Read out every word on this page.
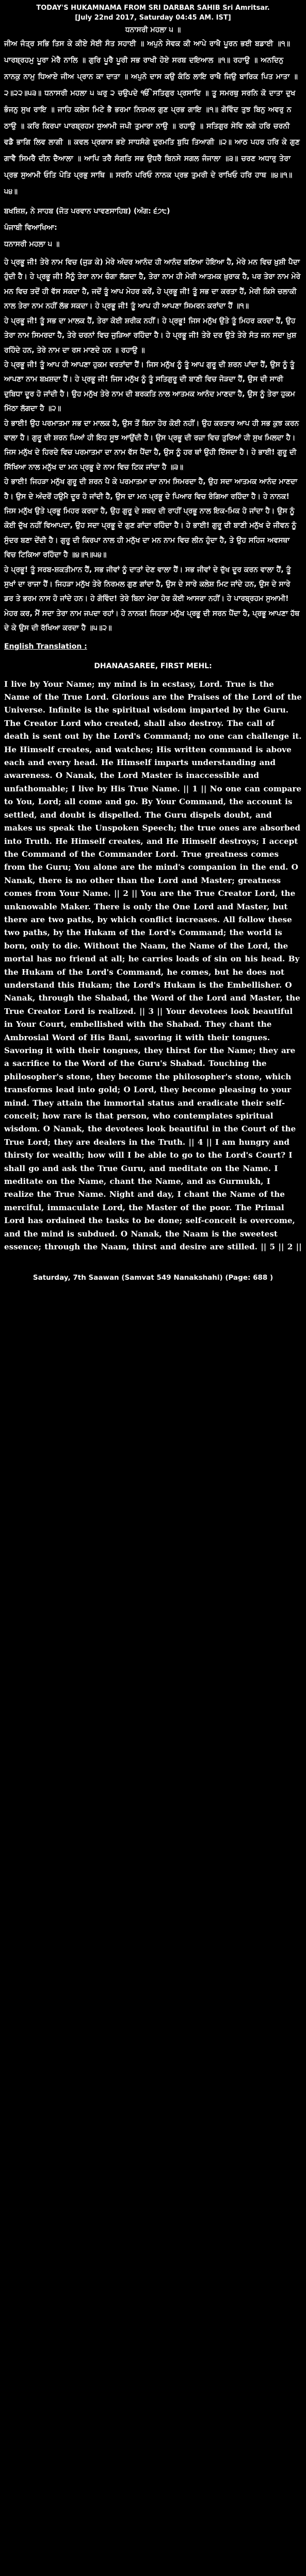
TODAY'S HUKAMNAMA FROM SRI DARBAR SAHIB Sri Amritsar.

[July 22nd 2017, Saturday 04:45 AM. IST]

ਧਨਾਸਰੀ ਮਹਲਾ ੫ ॥

ਜੀਅ ਜੰਤ੍ਰ ਸਭਿ ਤਿਸ ਕੇ ਕੀਏ ਸੋਈ ਸੰਤ ਸਹਾਈ ॥ ਅਪੁਨੇ ਸੇਵਕ ਕੀ ਆਪੇ ਰਾਖੈ ਪੂਰਨ ਭਈ ਬਡਾਈ ॥੧॥ ਪਾਰਬ੍ਰਹਮੁ ਪੂਰਾ ਮੇਰੈ ਨਾਲਿ ॥ ਗੁਰਿ ਪੂਰੈ ਪੂਰੀ ਸਭ ਰਾਖੀ ਹੋਏ ਸਰਬ ਦਇਆਲ ॥੧॥ ਰਹਾਉ ॥ ਅਨਦਿਨੁ ਨਾਨਕੁ ਨਾਮੁ ਧਿਆਏ ਜੀਅ ਪ੍ਰਾਨ ਕਾ ਦਾਤਾ ॥ ਅਪੁਨੇ ਦਾਸ ਕਉ ਕੰਠਿ ਲਾਇ ਰਾਖੈ ਜਿਉ ਬਾਰਿਕ ਪਿਤ ਮਾਤਾ ॥੨॥੨੨॥੫੩॥ ਧਨਾਸਰੀ ਮਹਲਾ ੫ ਘਰੁ ੨ ਚਉਪਦੇ ੴ ਸਤਿਗੁਰ ਪ੍ਰਸਾਦਿ ॥ ਤੂ ਸਮਰਥੁ ਸਰਨਿ ਕੋ ਦਾਤਾ ਦੁਖ ਭੰਜਨੁ ਸੁਖ ਰਾਇ ॥ ਜਾਹਿ ਕਲੇਸ ਮਿਟੇ ਭੈ ਭਰਮਾ ਨਿਰਮਲ ਗੁਣ ਪ੍ਰਭ ਗਾਇ ॥੧॥ ਗੋਵਿੰਦ ਤੁਝ ਬਿਨੁ ਅਵਰੁ ਨ ਠਾਉ ॥ ਕਰਿ ਕਿਰਪਾ ਪਾਰਬ੍ਰਹਮ ਸੁਆਮੀ ਜਪੀ ਤੁਮਾਰਾ ਨਾਉ ॥ ਰਹਾਉ ॥ ਸਤਿਗੁਰ ਸੇਵਿ ਲਗੇ ਹਰਿ ਚਰਨੀ ਵਡੈ ਭਾਗਿ ਲਿਵ ਲਾਗੀ ॥ ਕਵਲ ਪ੍ਰਗਾਸ ਭਏ ਸਾਧਸੰਗੇ ਦੁਰਮਤਿ ਬੁਧਿ ਤਿਆਗੀ ॥੨॥ ਆਠ ਪਹਰ ਹਰਿ ਕੇ ਗੁਣ ਗਾਵੈ ਸਿਮਰੈ ਦੀਨ ਦੈਆਲਾ ॥ ਆਪਿ ਤਰੈ ਸੰਗਤਿ ਸਭ ਉਧਰੈ ਬਿਨਸੇ ਸਗਲ ਜੰਜਾਲਾ ॥੩॥ ਚਰਣ ਅਧਾਰੁ ਤੇਰਾ ਪ੍ਰਭ ਸੁਆਮੀ ਓਤਿ ਪੋਤਿ ਪ੍ਰਭੁ ਸਾਥਿ ॥ ਸਰਨਿ ਪਰਿਓ ਨਾਨਕ ਪ੍ਰਭ ਤੁਮਰੀ ਦੇ ਰਾਖਿਓ ਹਰਿ ਹਾਥ ॥੪॥੧॥੫੪॥

ਬਖਸ਼ਿਸ਼, ਨੇ ਸਾਹਬ (ਜੋਤ ਪਰਵਾਨ ਪਾਵਣਸਾਹਿਬ) (ਅੰਗ: ੬੭੮)

ਪੰਜਾਬੀ ਵਿਆਖਿਆ:

ਧਨਾਸਰੀ ਮਹਲਾ ੫ ॥

ਹੇ ਪ੍ਰਭੂ ਜੀ! ਤੇਰੇ ਨਾਮ ਵਿਚ (ਜੁੜ ਕੇ) ਮੇਰੇ ਅੰਦਰ ਆਨੰਦ ਹੀ ਆਨੰਦ ਬਣਿਆ ਹੋਇਆ ਹੈ, ਮੇਰੇ ਮਨ ਵਿਚ ਖ਼ੁਸ਼ੀ ਪੈਦਾ ਹੁੰਦੀ ਹੈ। ਹੇ ਪ੍ਰਭੂ ਜੀ! ਮੈਨੂੰ ਤੇਰਾ ਨਾਮ ਚੰਗਾ ਲੱਗਦਾ ਹੈ, ਤੇਰਾ ਨਾਮ ਹੀ ਮੇਰੀ ਆਤਮਕ ਖ਼ੁਰਾਕ ਹੈ, ਪਰ ਤੇਰਾ ਨਾਮ ਮੇਰੇ ਮਨ ਵਿਚ ਤਦੋਂ ਹੀ ਵੱਸ ਸਕਦਾ ਹੈ, ਜਦੋਂ ਤੂੰ ਆਪ ਮੇਹਰ ਕਰੇਂ, ਹੇ ਪ੍ਰਭੂ ਜੀ! ਤੂੰ ਸਭ ਦਾ ਕਰਤਾ ਹੈਂ, ਮੇਰੀ ਕਿਸੇ ਚਲਾਕੀ ਨਾਲ ਤੇਰਾ ਨਾਮ ਨਹੀਂ ਲੱਭ ਸਕਦਾ। ਹੇ ਪ੍ਰਭੂ ਜੀ! ਤੂੰ ਆਪ ਹੀ ਆਪਣਾ ਸਿਮਰਨ ਕਰਾਂਦਾ ਹੈਂ ॥੧॥

ਹੇ ਪ੍ਰਭੂ ਜੀ! ਤੂੰ ਸਭ ਦਾ ਮਾਲਕ ਹੈਂ, ਤੇਰਾ ਕੋਈ ਸ਼ਰੀਕ ਨਹੀਂ। ਹੇ ਪ੍ਰਭੂ! ਜਿਸ ਮਨੁੱਖ ਉਤੇ ਤੂੰ ਮਿਹਰ ਕਰਦਾ ਹੈਂ, ਉਹ ਤੇਰਾ ਨਾਮ ਸਿਮਰਦਾ ਹੈ, ਤੇਰੇ ਚਰਨਾਂ ਵਿਚ ਜੁੜਿਆ ਰਹਿੰਦਾ ਹੈ। ਹੇ ਪ੍ਰਭੂ ਜੀ! ਤੇਰੇ ਦਰ ਉਤੇ ਤੇਰੇ ਸੰਤ ਜਨ ਸਦਾ ਖ਼ੁਸ਼ ਰਹਿੰਦੇ ਹਨ, ਤੇਰੇ ਨਾਮ ਦਾ ਰਸ ਮਾਣਦੇ ਹਨ ॥ ਰਹਾਉ ॥

ਹੇ ਪ੍ਰਭੂ ਜੀ! ਤੂੰ ਆਪ ਹੀ ਆਪਣਾ ਹੁਕਮ ਵਰਤਾਂਦਾ ਹੈਂ। ਜਿਸ ਮਨੁੱਖ ਨੂੰ ਤੂੰ ਆਪ ਗੁਰੂ ਦੀ ਸ਼ਰਨ ਪਾਂਦਾ ਹੈਂ, ਉਸ ਨੂੰ ਤੂੰ ਆਪਣਾ ਨਾਮ ਬਖ਼ਸ਼ਦਾ ਹੈਂ। ਹੇ ਪ੍ਰਭੂ ਜੀ! ਜਿਸ ਮਨੁੱਖ ਨੂੰ ਤੂੰ ਸਤਿਗੁਰੂ ਦੀ ਬਾਣੀ ਵਿਚ ਜੋੜਦਾ ਹੈਂ, ਉਸ ਦੀ ਸਾਰੀ ਦੁਬਿਧਾ ਦੂਰ ਹੋ ਜਾਂਦੀ ਹੈ। ਉਹ ਮਨੁੱਖ ਤੇਰੇ ਨਾਮ ਦੀ ਬਰਕਤਿ ਨਾਲ ਆਤਮਕ ਆਨੰਦ ਮਾਣਦਾ ਹੈ, ਉਸ ਨੂੰ ਤੇਰਾ ਹੁਕਮ ਮਿੱਠਾ ਲੱਗਦਾ ਹੈ ॥੨॥

ਹੇ ਭਾਈ! ਉਹ ਪਰਮਾਤਮਾ ਸਭ ਦਾ ਮਾਲਕ ਹੈ, ਉਸ ਤੋਂ ਬਿਨਾ ਹੋਰ ਕੋਈ ਨਹੀਂ। ਉਹ ਕਰਤਾਰ ਆਪ ਹੀ ਸਭ ਕੁਝ ਕਰਨ ਵਾਲਾ ਹੈ। ਗੁਰੂ ਦੀ ਸ਼ਰਨ ਪਿਆਂ ਹੀ ਇਹ ਸੂਝ ਆਉਂਦੀ ਹੈ। ਉਸ ਪ੍ਰਭੂ ਦੀ ਰਜ਼ਾ ਵਿਚ ਤੁਰਿਆਂ ਹੀ ਸੁਖ ਮਿਲਦਾ ਹੈ। ਜਿਸ ਮਨੁੱਖ ਦੇ ਹਿਰਦੇ ਵਿਚ ਪਰਮਾਤਮਾ ਦਾ ਨਾਮ ਵੱਸ ਪੈਂਦਾ ਹੈ, ਉਸ ਨੂੰ ਹਰ ਥਾਂ ਉਹੀ ਦਿੱਸਦਾ ਹੈ। ਹੇ ਭਾਈ! ਗੁਰੂ ਦੀ ਸਿੱਖਿਆ ਨਾਲ ਮਨੁੱਖ ਦਾ ਮਨ ਪ੍ਰਭੂ ਦੇ ਨਾਮ ਵਿਚ ਟਿਕ ਜਾਂਦਾ ਹੈ ॥੩॥

ਹੇ ਭਾਈ! ਜਿਹੜਾ ਮਨੁੱਖ ਗੁਰੂ ਦੀ ਸ਼ਰਨ ਪੈ ਕੇ ਪਰਮਾਤਮਾ ਦਾ ਨਾਮ ਸਿਮਰਦਾ ਹੈ, ਉਹ ਸਦਾ ਆਤਮਕ ਆਨੰਦ ਮਾਣਦਾ ਹੈ। ਉਸ ਦੇ ਅੰਦਰੋਂ ਹਉਮੈ ਦੂਰ ਹੋ ਜਾਂਦੀ ਹੈ, ਉਸ ਦਾ ਮਨ ਪ੍ਰਭੂ ਦੇ ਪਿਆਰ ਵਿਚ ਰੰਗਿਆ ਰਹਿੰਦਾ ਹੈ। ਹੇ ਨਾਨਕ! ਜਿਸ ਮਨੁੱਖ ਉਤੇ ਪ੍ਰਭੂ ਮਿਹਰ ਕਰਦਾ ਹੈ, ਉਹ ਗੁਰੂ ਦੇ ਸ਼ਬਦ ਦੀ ਰਾਹੀਂ ਪ੍ਰਭੂ ਨਾਲ ਇਕ-ਮਿਕ ਹੋ ਜਾਂਦਾ ਹੈ। ਉਸ ਨੂੰ ਕੋਈ ਦੁੱਖ ਨਹੀਂ ਵਿਆਪਦਾ, ਉਹ ਸਦਾ ਪ੍ਰਭੂ ਦੇ ਗੁਣ ਗਾਂਦਾ ਰਹਿੰਦਾ ਹੈ। ਹੇ ਭਾਈ! ਗੁਰੂ ਦੀ ਬਾਣੀ ਮਨੁੱਖ ਦੇ ਜੀਵਨ ਨੂੰ ਸੁੰਦਰ ਬਣਾ ਦੇਂਦੀ ਹੈ। ਗੁਰੂ ਦੀ ਕਿਰਪਾ ਨਾਲ ਹੀ ਮਨੁੱਖ ਦਾ ਮਨ ਨਾਮ ਵਿਚ ਲੀਨ ਹੁੰਦਾ ਹੈ, ਤੇ ਉਹ ਸਹਿਜ ਅਵਸਥਾ ਵਿਚ ਟਿਕਿਆ ਰਹਿੰਦਾ ਹੈ ॥੪॥੧॥੫੪॥

ਹੇ ਪ੍ਰਭੂ! ਤੂੰ ਸਰਬ-ਸ਼ਕਤੀਮਾਨ ਹੈਂ, ਸਭ ਜੀਵਾਂ ਨੂੰ ਦਾਤਾਂ ਦੇਣ ਵਾਲਾ ਹੈਂ। ਸਭ ਜੀਵਾਂ ਦੇ ਦੁੱਖ ਦੂਰ ਕਰਨ ਵਾਲਾ ਹੈਂ, ਤੂੰ ਸੁਖਾਂ ਦਾ ਰਾਜਾ ਹੈਂ। ਜਿਹੜਾ ਮਨੁੱਖ ਤੇਰੇ ਨਿਰਮਲ ਗੁਣ ਗਾਂਦਾ ਹੈ, ਉਸ ਦੇ ਸਾਰੇ ਕਲੇਸ਼ ਮਿਟ ਜਾਂਦੇ ਹਨ, ਉਸ ਦੇ ਸਾਰੇ ਡਰ ਤੇ ਭਰਮ ਨਾਸ ਹੋ ਜਾਂਦੇ ਹਨ। ਹੇ ਗੋਵਿੰਦ! ਤੇਰੇ ਬਿਨਾ ਮੇਰਾ ਹੋਰ ਕੋਈ ਆਸਰਾ ਨਹੀਂ। ਹੇ ਪਾਰਬ੍ਰਹਮ ਸੁਆਮੀ! ਮੇਹਰ ਕਰ, ਮੈਂ ਸਦਾ ਤੇਰਾ ਨਾਮ ਜਪਦਾ ਰਹਾਂ। ਹੇ ਨਾਨਕ! ਜਿਹੜਾ ਮਨੁੱਖ ਪ੍ਰਭੂ ਦੀ ਸਰਨ ਪੈਂਦਾ ਹੈ, ਪ੍ਰਭੂ ਆਪਣਾ ਹੱਥ ਦੇ ਕੇ ਉਸ ਦੀ ਰੱਖਿਆ ਕਰਦਾ ਹੈ ॥੫॥੨॥

English Translation :

DHANAASAREE, FIRST MEHL:

I live by Your Name; my mind is in ecstasy, Lord. True is the Name of the True Lord. Glorious are the Praises of the Lord of the Universe. Infinite is the spiritual wisdom imparted by the Guru. The Creator Lord who created, shall also destroy. The call of death is sent out by the Lord's Command; no one can challenge it. He Himself creates, and watches; His written command is above each and every head. He Himself imparts understanding and awareness. O Nanak, the Lord Master is inaccessible and unfathomable; I live by His True Name. || 1 || No one can compare to You, Lord; all come and go. By Your Command, the account is settled, and doubt is dispelled. The Guru dispels doubt, and makes us speak the Unspoken Speech; the true ones are absorbed into Truth. He Himself creates, and He Himself destroys; I accept the Command of the Commander Lord. True greatness comes from the Guru; You alone are the mind's companion in the end. O Nanak, there is no other than the Lord and Master; greatness comes from Your Name. || 2 || You are the True Creator Lord, the unknowable Maker. There is only the One Lord and Master, but there are two paths, by which conflict increases. All follow these two paths, by the Hukam of the Lord's Command; the world is born, only to die. Without the Naam, the Name of the Lord, the mortal has no friend at all; he carries loads of sin on his head. By the Hukam of the Lord's Command, he comes, but he does not understand this Hukam; the Lord's Hukam is the Embellisher. O Nanak, through the Shabad, the Word of the Lord and Master, the True Creator Lord is realized. || 3 || Your devotees look beautiful in Your Court, embellished with the Shabad. They chant the Ambrosial Word of His Bani, savoring it with their tongues. Savoring it with their tongues, they thirst for the Name; they are a sacrifice to the Word of the Guru's Shabad. Touching the philosopher's stone, they become the philosopher's stone, which transforms lead into gold; O Lord, they become pleasing to your mind. They attain the immortal status and eradicate their self-conceit; how rare is that person, who contemplates spiritual wisdom. O Nanak, the devotees look beautiful in the Court of the True Lord; they are dealers in the Truth. || 4 || I am hungry and thirsty for wealth; how will I be able to go to the Lord's Court? I shall go and ask the True Guru, and meditate on the Name. I meditate on the Name, chant the Name, and as Gurmukh, I realize the True Name. Night and day, I chant the Name of the merciful, immaculate Lord, the Master of the poor. The Primal Lord has ordained the tasks to be done; self-conceit is overcome, and the mind is subdued. O Nanak, the Naam is the sweetest essence; through the Naam, thirst and desire are stilled. || 5 || 2 ||

Saturday, 7th Saawan (Samvat 549 Nanakshahi) (Page: 688 )
